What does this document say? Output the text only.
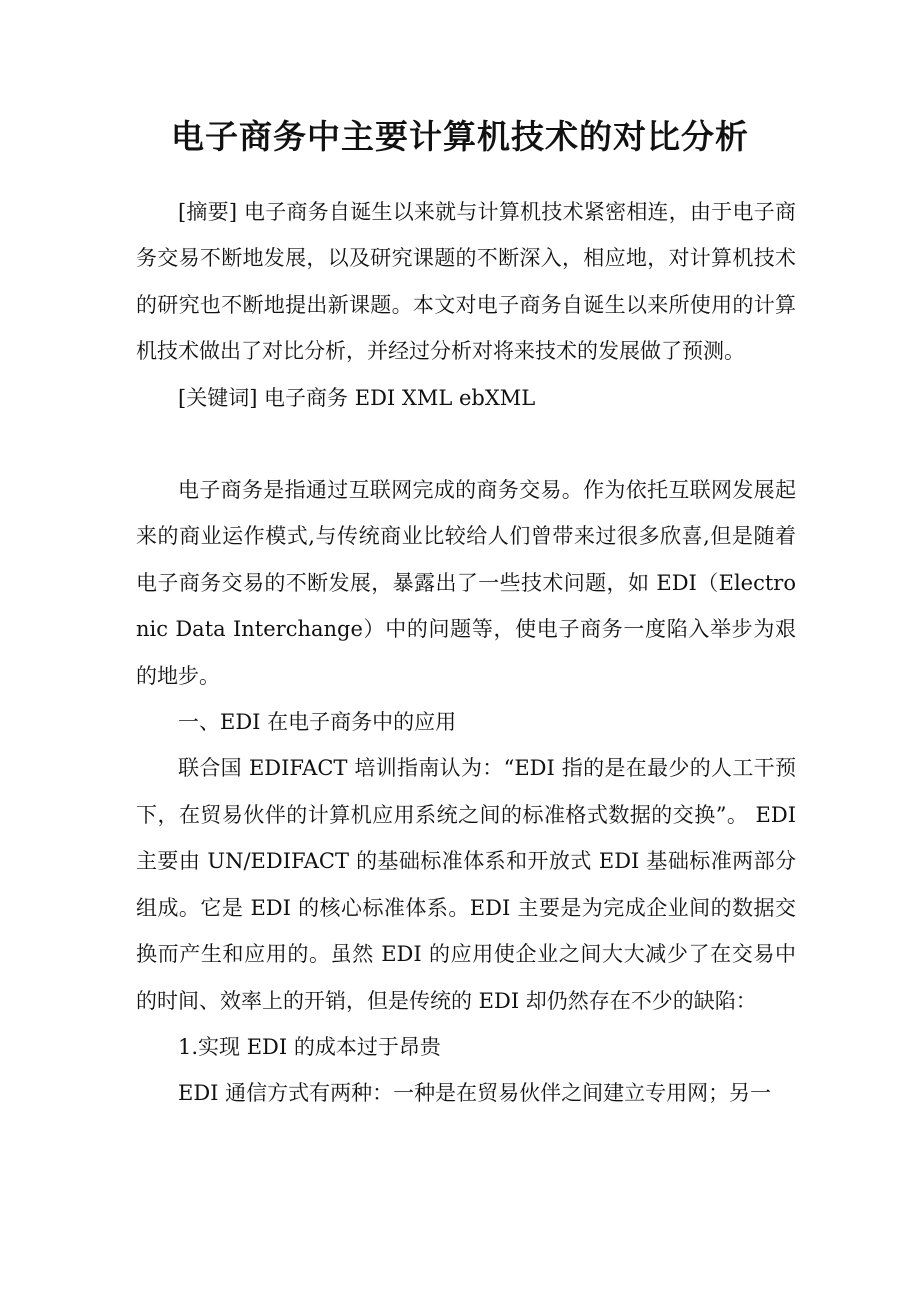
电子商务中主要计算机技术的对比分析

[摘要] 电子商务自诞生以来就与计算机技术紧密相连，由于电子商务交易不断地发展，以及研究课题的不断深入，相应地，对计算机技术的研究也不断地提出新课题。本文对电子商务自诞生以来所使用的计算机技术做出了对比分析，并经过分析对将来技术的发展做了预测。

[关键词] 电子商务 EDI XML ebXML

电子商务是指通过互联网完成的商务交易。作为依托互联网发展起来的商业运作模式,与传统商业比较给人们曾带来过很多欣喜,但是随着电子商务交易的不断发展，暴露出了一些技术问题，如 EDI（Electronic Data Interchange）中的问题等，使电子商务一度陷入举步为艰的地步。

一、EDI 在电子商务中的应用

联合国 EDIFACT 培训指南认为：“EDI 指的是在最少的人工干预下，在贸易伙伴的计算机应用系统之间的标准格式数据的交换”。 EDI 主要由 UN/EDIFACT 的基础标准体系和开放式 EDI 基础标准两部分组成。它是 EDI 的核心标准体系。EDI 主要是为完成企业间的数据交换而产生和应用的。虽然 EDI 的应用使企业之间大大减少了在交易中的时间、效率上的开销，但是传统的 EDI 却仍然存在不少的缺陷：

1.实现 EDI 的成本过于昂贵

EDI 通信方式有两种：一种是在贸易伙伴之间建立专用网；另一
